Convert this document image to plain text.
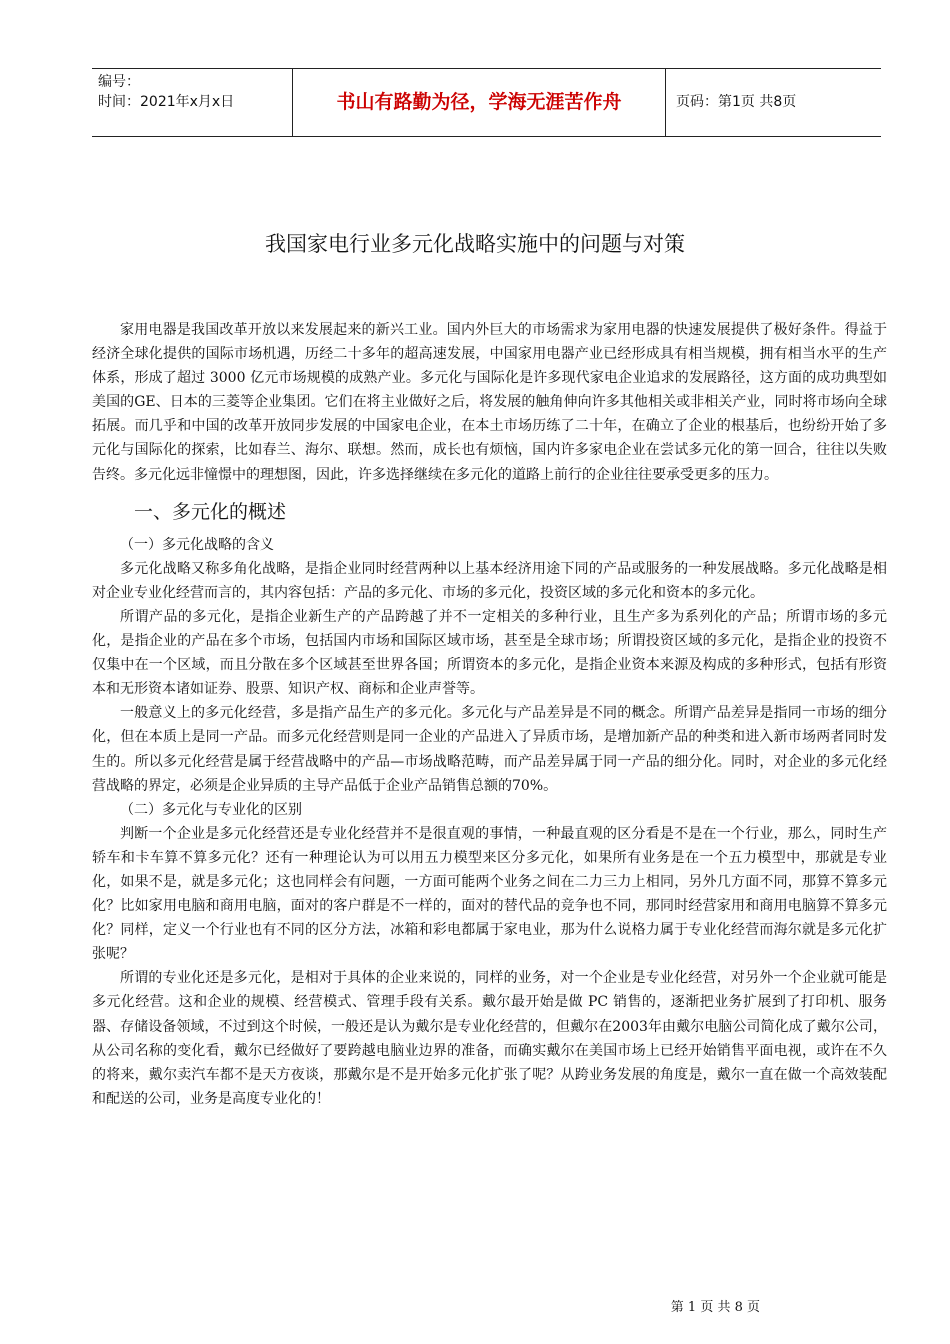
编号：
时间：2021年x月x日	书山有路勤为径，学海无涯苦作舟	页码：第1页 共8页
我国家电行业多元化战略实施中的问题与对策

家用电器是我国改革开放以来发展起来的新兴工业。国内外巨大的市场需求为家用电器的快速发展提供了极好条件。得益于经济全球化提供的国际市场机遇，历经二十多年的超高速发展，中国家用电器产业已经形成具有相当规模，拥有相当水平的生产体系，形成了超过 3000 亿元市场规模的成熟产业。多元化与国际化是许多现代家电企业追求的发展路径，这方面的成功典型如美国的GE、日本的三菱等企业集团。它们在将主业做好之后，将发展的触角伸向许多其他相关或非相关产业，同时将市场向全球拓展。而几乎和中国的改革开放同步发展的中国家电企业，在本土市场历练了二十年，在确立了企业的根基后，也纷纷开始了多元化与国际化的探索，比如春兰、海尔、联想。然而，成长也有烦恼，国内许多家电企业在尝试多元化的第一回合，往往以失败告终。多元化远非憧憬中的理想图，因此，许多选择继续在多元化的道路上前行的企业往往要承受更多的压力。

一、多元化的概述
（一）多元化战略的含义

多元化战略又称多角化战略，是指企业同时经营两种以上基本经济用途下同的产品或服务的一种发展战略。多元化战略是相对企业专业化经营而言的，其内容包括：产品的多元化、市场的多元化，投资区域的多元化和资本的多元化。

所谓产品的多元化，是指企业新生产的产品跨越了并不一定相关的多种行业，且生产多为系列化的产品；所谓市场的多元化，是指企业的产品在多个市场，包括国内市场和国际区域市场，甚至是全球市场；所谓投资区域的多元化，是指企业的投资不仅集中在一个区域，而且分散在多个区域甚至世界各国；所谓资本的多元化，是指企业资本来源及构成的多种形式，包括有形资本和无形资本诸如证券、股票、知识产权、商标和企业声誉等。

一般意义上的多元化经营，多是指产品生产的多元化。多元化与产品差异是不同的概念。所谓产品差异是指同一市场的细分化，但在本质上是同一产品。而多元化经营则是同一企业的产品进入了异质市场，是增加新产品的种类和进入新市场两者同时发生的。所以多元化经营是属于经营战略中的产品—市场战略范畴，而产品差异属于同一产品的细分化。同时，对企业的多元化经营战略的界定，必须是企业异质的主导产品低于企业产品销售总额的70%。

（二）多元化与专业化的区别

判断一个企业是多元化经营还是专业化经营并不是很直观的事情，一种最直观的区分看是不是在一个行业，那么，同时生产轿车和卡车算不算多元化？还有一种理论认为可以用五力模型来区分多元化，如果所有业务是在一个五力模型中，那就是专业化，如果不是，就是多元化；这也同样会有问题，一方面可能两个业务之间在二力三力上相同，另外几方面不同，那算不算多元化？比如家用电脑和商用电脑，面对的客户群是不一样的，面对的替代品的竞争也不同，那同时经营家用和商用电脑算不算多元化？同样，定义一个行业也有不同的区分方法，冰箱和彩电都属于家电业，那为什么说格力属于专业化经营而海尔就是多元化扩张呢？

所谓的专业化还是多元化，是相对于具体的企业来说的，同样的业务，对一个企业是专业化经营，对另外一个企业就可能是多元化经营。这和企业的规模、经营模式、管理手段有关系。戴尔最开始是做 PC 销售的，逐渐把业务扩展到了打印机、服务器、存储设备领域，不过到这个时候，一般还是认为戴尔是专业化经营的，但戴尔在2003年由戴尔电脑公司简化成了戴尔公司，从公司名称的变化看，戴尔已经做好了要跨越电脑业边界的准备，而确实戴尔在美国市场上已经开始销售平面电视，或许在不久的将来，戴尔卖汽车都不是天方夜谈，那戴尔是不是开始多元化扩张了呢？从跨业务发展的角度是，戴尔一直在做一个高效装配和配送的公司，业务是高度专业化的！

第 1 页 共 8 页
